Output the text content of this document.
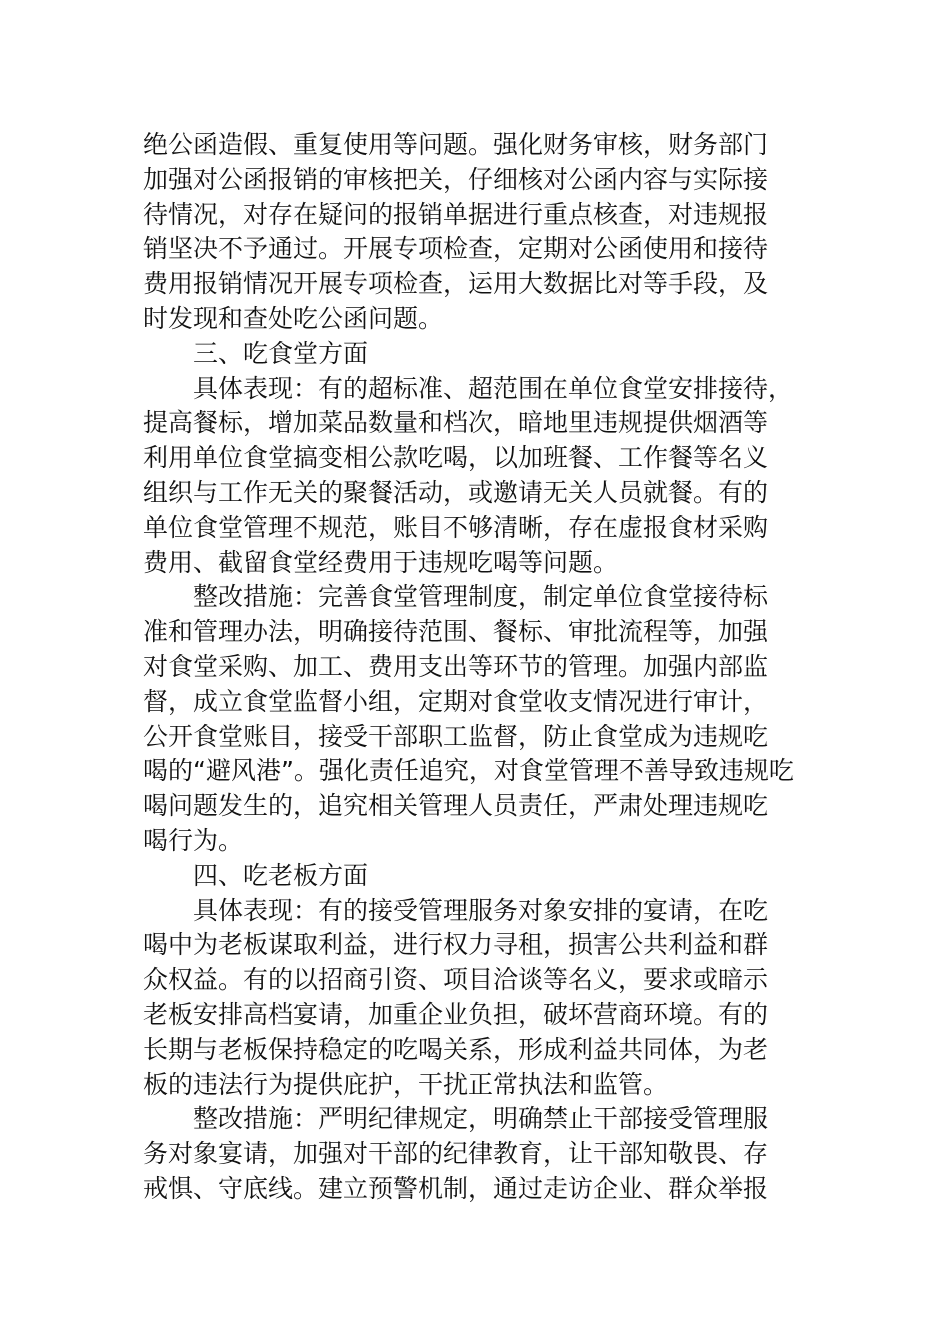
绝公函造假、重复使用等问题。强化财务审核，财务部门
加强对公函报销的审核把关，仔细核对公函内容与实际接
待情况，对存在疑问的报销单据进行重点核查，对违规报
销坚决不予通过。开展专项检查，定期对公函使用和接待
费用报销情况开展专项检查，运用大数据比对等手段，及
时发现和查处吃公函问题。
三、吃食堂方面
具体表现：有的超标准、超范围在单位食堂安排接待，
提高餐标，增加菜品数量和档次，暗地里违规提供烟酒等
利用单位食堂搞变相公款吃喝，以加班餐、工作餐等名义
组织与工作无关的聚餐活动，或邀请无关人员就餐。有的
单位食堂管理不规范，账目不够清晰，存在虚报食材采购
费用、截留食堂经费用于违规吃喝等问题。
整改措施：完善食堂管理制度，制定单位食堂接待标
准和管理办法，明确接待范围、餐标、审批流程等，加强
对食堂采购、加工、费用支出等环节的管理。加强内部监
督，成立食堂监督小组，定期对食堂收支情况进行审计，
公开食堂账目，接受干部职工监督，防止食堂成为违规吃
喝的“避风港”。强化责任追究，对食堂管理不善导致违规吃
喝问题发生的，追究相关管理人员责任，严肃处理违规吃
喝行为。
四、吃老板方面
具体表现：有的接受管理服务对象安排的宴请，在吃
喝中为老板谋取利益，进行权力寻租，损害公共利益和群
众权益。有的以招商引资、项目洽谈等名义，要求或暗示
老板安排高档宴请，加重企业负担，破坏营商环境。有的
长期与老板保持稳定的吃喝关系，形成利益共同体，为老
板的违法行为提供庇护，干扰正常执法和监管。
整改措施：严明纪律规定，明确禁止干部接受管理服
务对象宴请，加强对干部的纪律教育，让干部知敬畏、存
戒惧、守底线。建立预警机制，通过走访企业、群众举报
